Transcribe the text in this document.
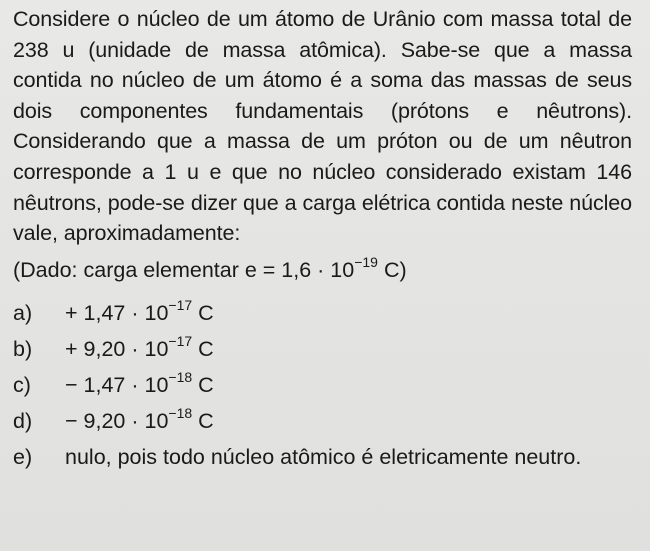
Considere o núcleo de um átomo de Urânio com massa total de 238 u (unidade de massa atômica). Sabe-se que a massa contida no núcleo de um átomo é a soma das massas de seus dois componentes fundamentais (prótons e nêutrons). Considerando que a massa de um próton ou de um nêutron corresponde a 1 u e que no núcleo considerado existam 146 nêutrons, pode-se dizer que a carga elétrica contida neste núcleo vale, aproximadamente:

(Dado: carga elementar $e = 1,6 \cdot 10^{-19}$ C)

a)	+ $1,47 \cdot 10^{-17}$ C
b)	+ $9,20 \cdot 10^{-17}$ C
c)	− $1,47 \cdot 10^{-18}$ C
d)	− $9,20 \cdot 10^{-18}$ C
e)	nulo, pois todo núcleo atômico é eletricamente neutro.
